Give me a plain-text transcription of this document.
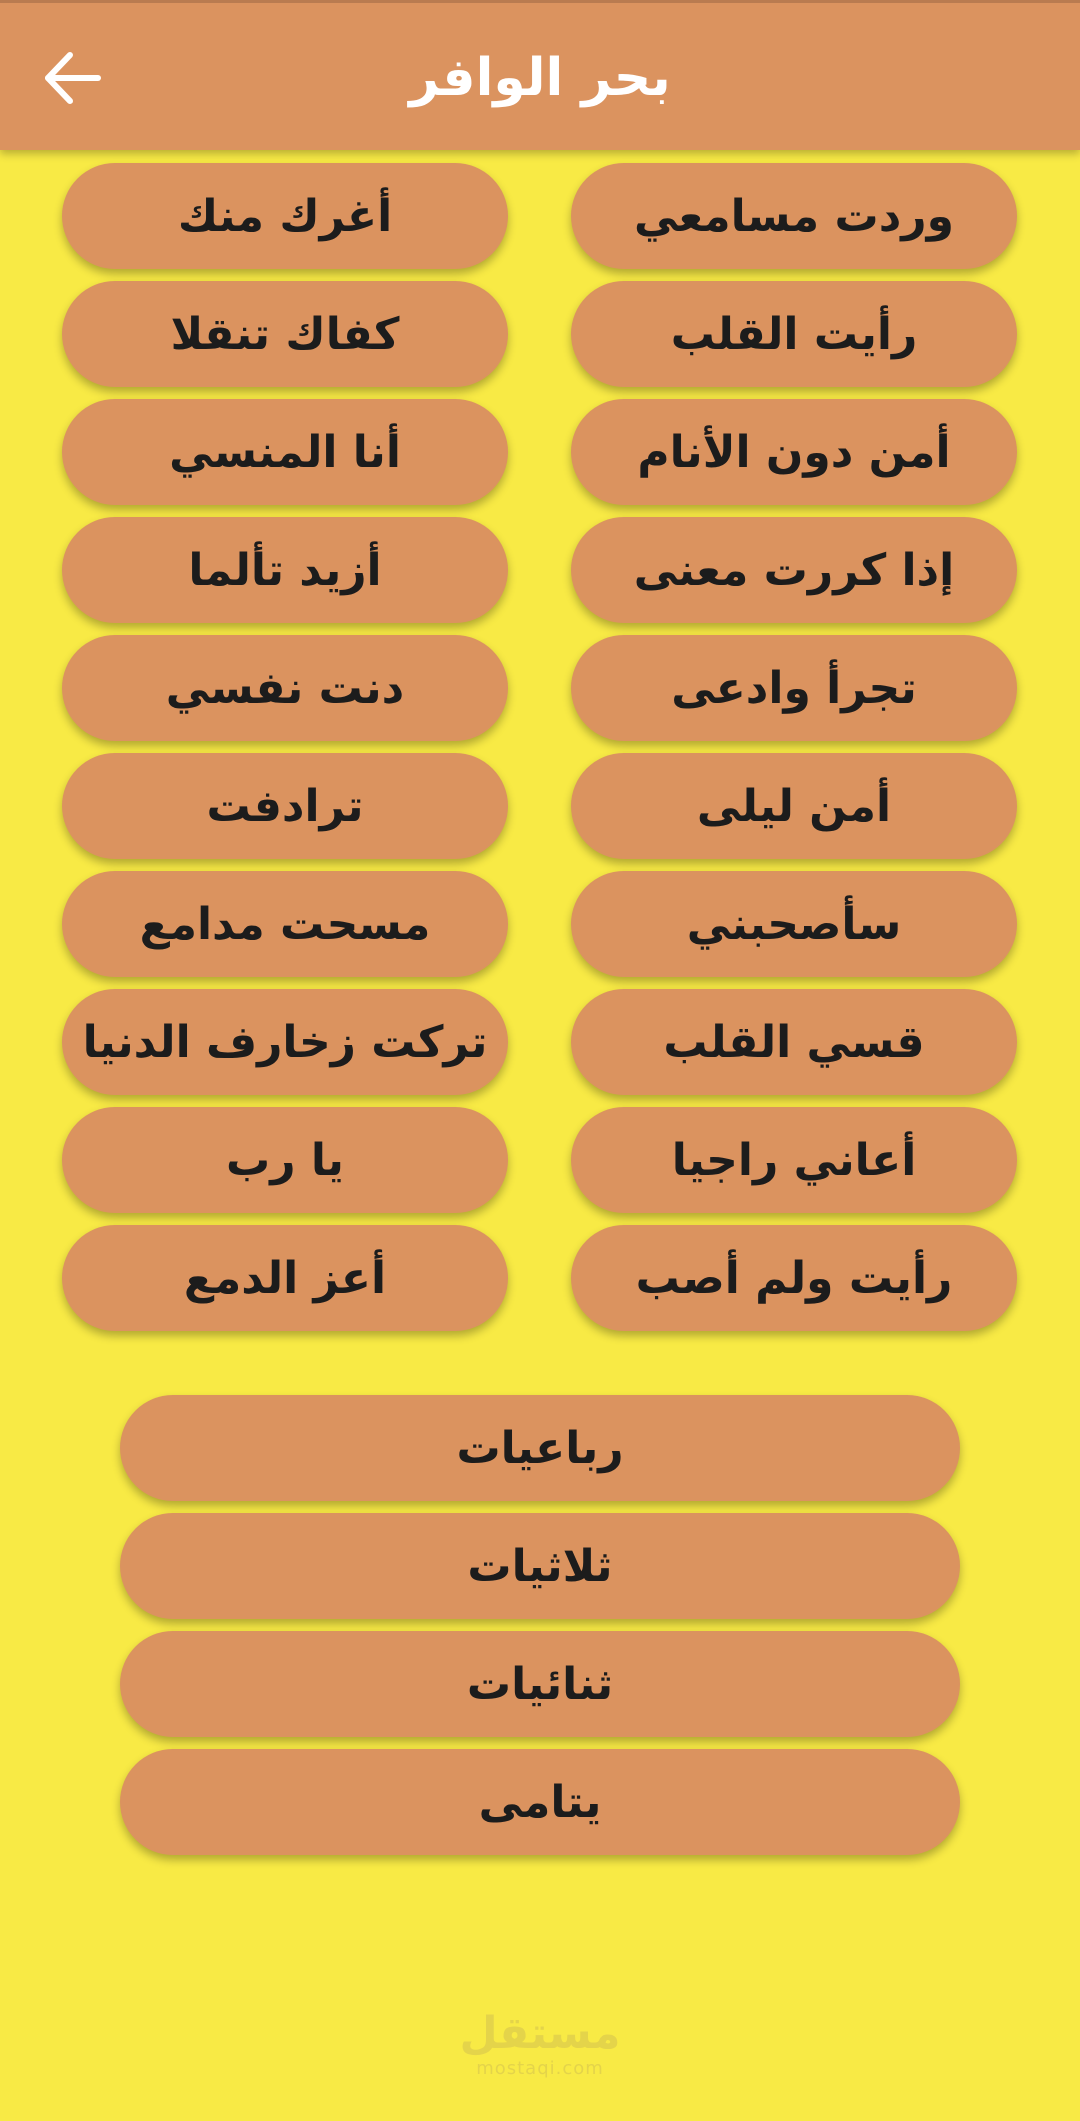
بحر الوافر
وردت مسامعي
أغرك منك
رأيت القلب
كفاك تنقلا
أمن دون الأنام
أنا المنسي
إذا كررت معنى
أزيد تألما
تجرأ وادعى
دنت نفسي
أمن ليلى
ترادفت
سأصحبني
مسحت مدامع
قسي القلب
تركت زخارف الدنيا
أعاني راجيا
يا رب
رأيت ولم أصب
أعز الدمع
رباعيات
ثلاثيات
ثنائيات
يتامى
مستقل
mostaqi.com
